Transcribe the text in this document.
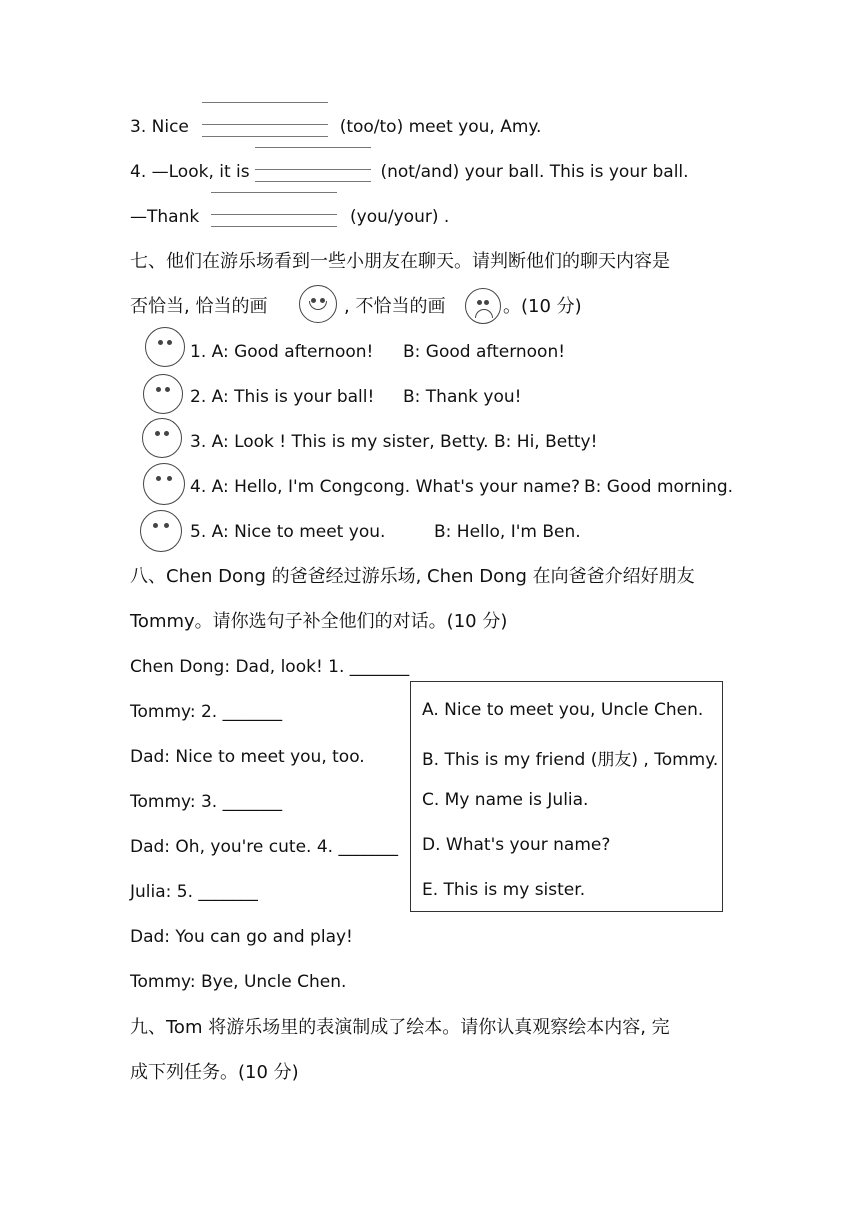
3. Nice	(too/to) meet you, Amy.
4. —Look, it is	(not/and) your ball. This is your ball.
—Thank	(you/your) .
七、他们在游乐场看到一些小朋友在聊天。请判断他们的聊天内容是
否恰当, 恰当的画	, 不恰当的画	。(10 分)
1. A: Good afternoon! B: Good afternoon!
2. A: This is your ball! B: Thank you!
3. A: Look ! This is my sister, Betty. B: Hi, Betty!
4. A: Hello, I'm Congcong. What's your name? B: Good morning.
5. A: Nice to meet you.	B: Hello, I'm Ben.
八、Chen Dong 的爸爸经过游乐场, Chen Dong 在向爸爸介绍好朋友
Tommy。请你选句子补全他们的对话。(10 分)
Chen Dong: Dad, look! 1. _______
Tommy: 2. _______
Dad: Nice to meet you, too.
Tommy: 3. _______
Dad: Oh, you're cute. 4. _______
Julia: 5. _______
Dad: You can go and play!
Tommy: Bye, Uncle Chen.
A. Nice to meet you, Uncle Chen.
B. This is my friend (朋友) , Tommy.
C. My name is Julia.
D. What's your name?
E. This is my sister.
九、Tom 将游乐场里的表演制成了绘本。请你认真观察绘本内容, 完
成下列任务。(10 分)
